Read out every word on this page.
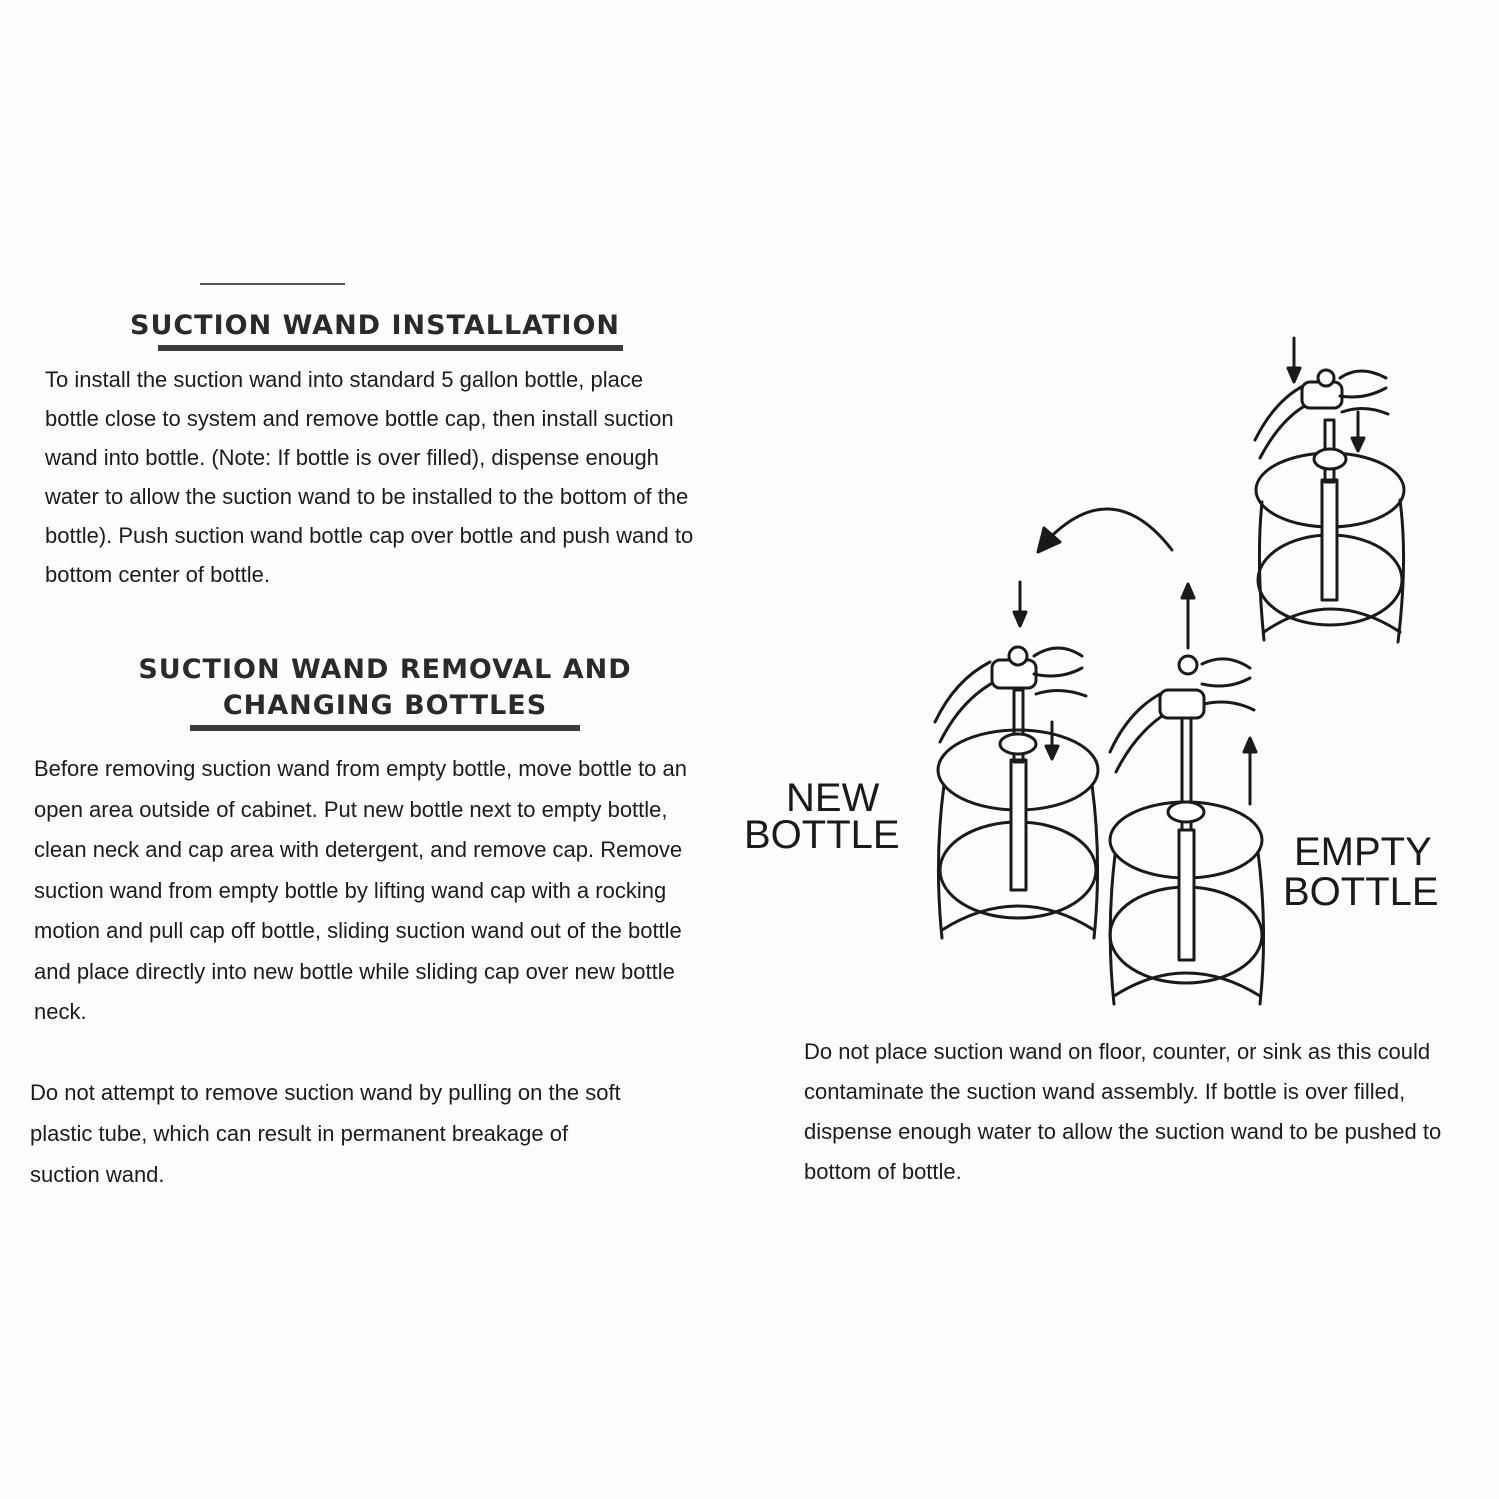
SUCTION WAND INSTALLATION

To install the suction wand into standard 5 gallon bottle, place bottle close to system and remove bottle cap, then install suction wand into bottle. (Note: If bottle is over filled), dispense enough water to allow the suction wand to be installed to the bottom of the bottle). Push suction wand bottle cap over bottle and push wand to bottom center of bottle.

SUCTION WAND REMOVAL AND
CHANGING BOTTLES

Before removing suction wand from empty bottle, move bottle to an open area outside of cabinet. Put new bottle next to empty bottle, clean neck and cap area with detergent, and remove cap. Remove suction wand from empty bottle by lifting wand cap with a rocking motion and pull cap off bottle, sliding suction wand out of the bottle and place directly into new bottle while sliding cap over new bottle neck.

Do not attempt to remove suction wand by pulling on the soft plastic tube, which can result in permanent breakage of suction wand.

NEW
BOTTLE	EMPTY
BOTTLE

Do not place suction wand on floor, counter, or sink as this could contaminate the suction wand assembly. If bottle is over filled, dispense enough water to allow the suction wand to be pushed to bottom of bottle.
